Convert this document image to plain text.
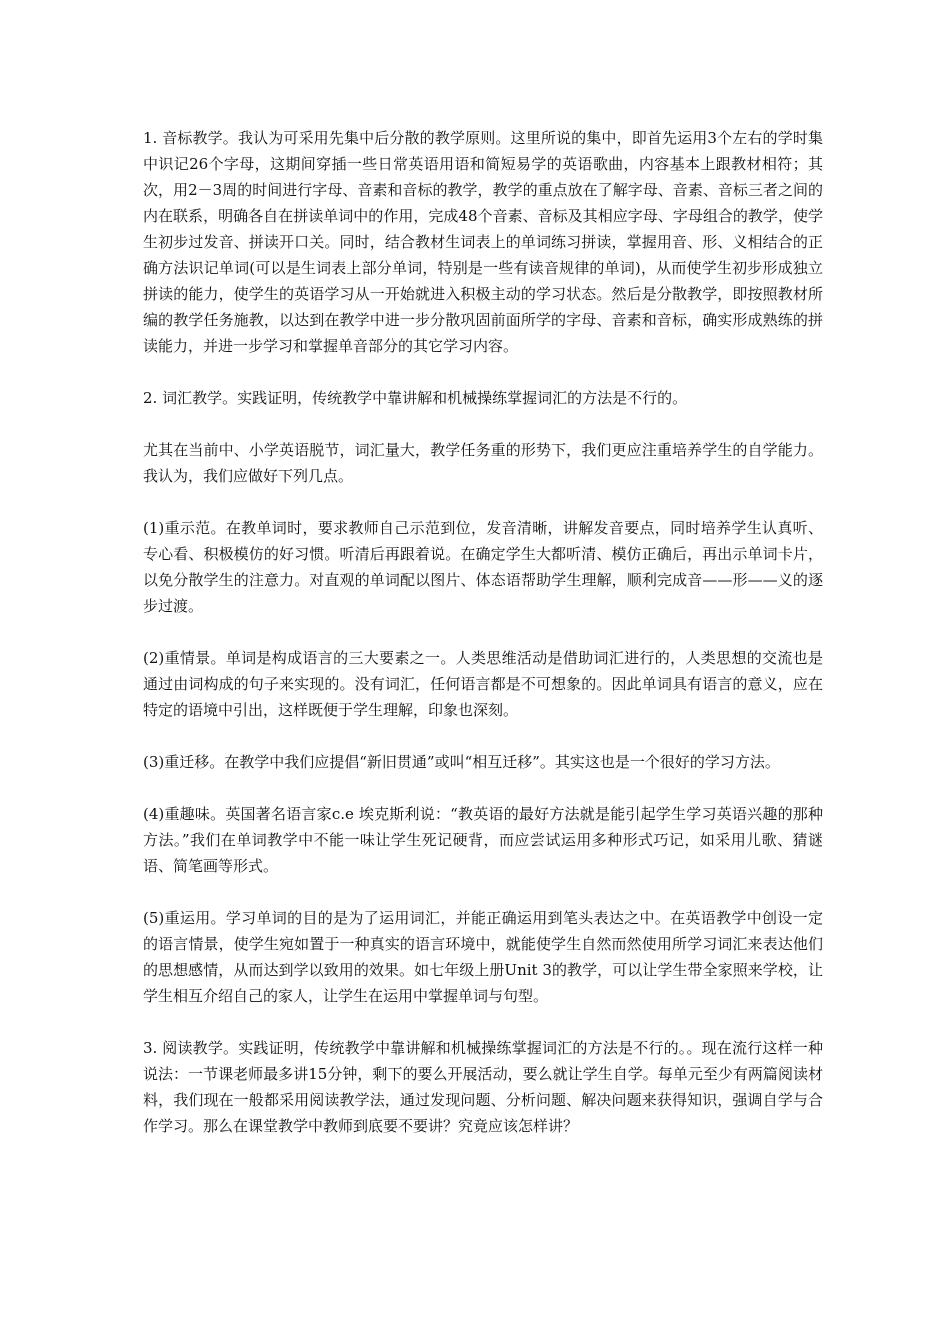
1. 音标教学。我认为可采用先集中后分散的教学原则。这里所说的集中，即首先运用3个左右的学时集中识记26个字母，这期间穿插一些日常英语用语和简短易学的英语歌曲，内容基本上跟教材相符；其次，用2－3周的时间进行字母、音素和音标的教学，教学的重点放在了解字母、音素、音标三者之间的内在联系，明确各自在拼读单词中的作用，完成48个音素、音标及其相应字母、字母组合的教学，使学生初步过发音、拼读开口关。同时，结合教材生词表上的单词练习拼读，掌握用音、形、义相结合的正确方法识记单词(可以是生词表上部分单词，特别是一些有读音规律的单词)，从而使学生初步形成独立拼读的能力，使学生的英语学习从一开始就进入积极主动的学习状态。然后是分散教学，即按照教材所编的教学任务施教，以达到在教学中进一步分散巩固前面所学的字母、音素和音标，确实形成熟练的拼读能力，并进一步学习和掌握单音部分的其它学习内容。

2. 词汇教学。实践证明，传统教学中靠讲解和机械操练掌握词汇的方法是不行的。

尤其在当前中、小学英语脱节，词汇量大，教学任务重的形势下，我们更应注重培养学生的自学能力。我认为，我们应做好下列几点。

(1)重示范。在教单词时，要求教师自己示范到位，发音清晰，讲解发音要点，同时培养学生认真听、专心看、积极模仿的好习惯。听清后再跟着说。在确定学生大都听清、模仿正确后，再出示单词卡片，以免分散学生的注意力。对直观的单词配以图片、体态语帮助学生理解，顺利完成音——形——义的逐步过渡。

(2)重情景。单词是构成语言的三大要素之一。人类思维活动是借助词汇进行的，人类思想的交流也是通过由词构成的句子来实现的。没有词汇，任何语言都是不可想象的。因此单词具有语言的意义，应在特定的语境中引出，这样既便于学生理解，印象也深刻。

(3)重迁移。在教学中我们应提倡“新旧贯通”或叫“相互迁移”。其实这也是一个很好的学习方法。

(4)重趣味。英国著名语言家c.e 埃克斯利说：“教英语的最好方法就是能引起学生学习英语兴趣的那种方法。”我们在单词教学中不能一味让学生死记硬背，而应尝试运用多种形式巧记，如采用儿歌、猜谜语、简笔画等形式。

(5)重运用。学习单词的目的是为了运用词汇，并能正确运用到笔头表达之中。在英语教学中创设一定的语言情景，使学生宛如置于一种真实的语言环境中，就能使学生自然而然使用所学习词汇来表达他们的思想感情，从而达到学以致用的效果。如七年级上册Unit 3的教学，可以让学生带全家照来学校，让学生相互介绍自己的家人，让学生在运用中掌握单词与句型。

3. 阅读教学。实践证明，传统教学中靠讲解和机械操练掌握词汇的方法是不行的。。现在流行这样一种说法：一节课老师最多讲15分钟，剩下的要么开展活动，要么就让学生自学。每单元至少有两篇阅读材料，我们现在一般都采用阅读教学法，通过发现问题、分析问题、解决问题来获得知识，强调自学与合作学习。那么在课堂教学中教师到底要不要讲？究竟应该怎样讲？
